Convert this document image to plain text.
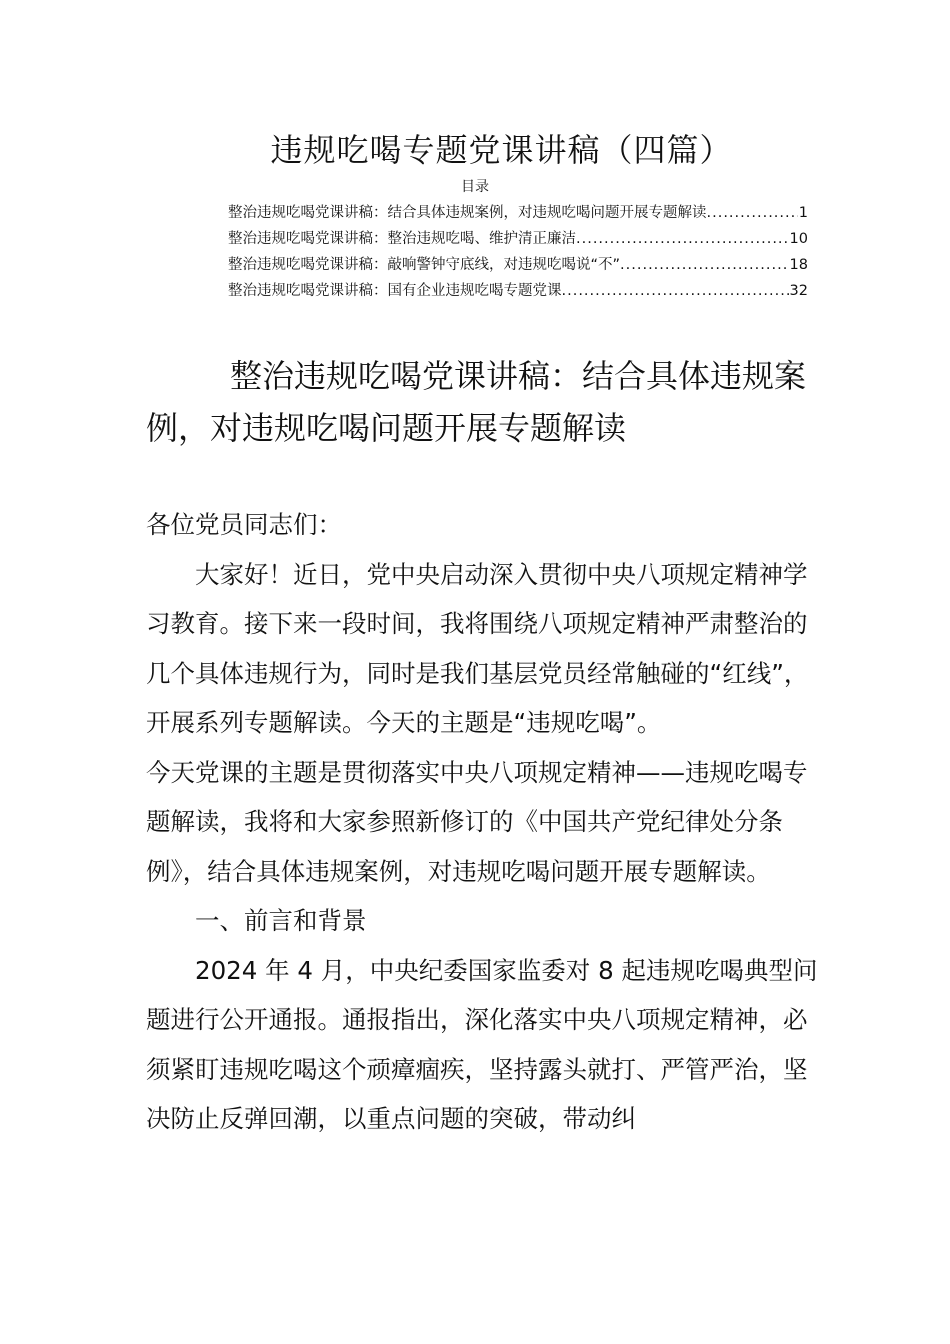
违规吃喝专题党课讲稿（四篇）
目录
整治违规吃喝党课讲稿：结合具体违规案例，对违规吃喝问题开展专题解读 .....	1
整治违规吃喝党课讲稿：整治违规吃喝、维护清正廉洁 .....	10
整治违规吃喝党课讲稿：敲响警钟守底线，对违规吃喝说“不” .....	18
整治违规吃喝党课讲稿：国有企业违规吃喝专题党课 .....	32
整治违规吃喝党课讲稿：结合具体违规案例，对违规吃喝问题开展专题解读

各位党员同志们：

大家好！近日，党中央启动深入贯彻中央八项规定精神学习教育。接下来一段时间，我将围绕八项规定精神严肃整治的几个具体违规行为，同时是我们基层党员经常触碰的“红线”，开展系列专题解读。今天的主题是“违规吃喝”。

今天党课的主题是贯彻落实中央八项规定精神——违规吃喝专题解读，我将和大家参照新修订的《中国共产党纪律处分条例》，结合具体违规案例，对违规吃喝问题开展专题解读。

一、前言和背景

2024 年 4 月，中央纪委国家监委对 8 起违规吃喝典型问题进行公开通报。通报指出，深化落实中央八项规定精神，必须紧盯违规吃喝这个顽瘴痼疾，坚持露头就打、严管严治，坚决防止反弹回潮，以重点问题的突破，带动纠
